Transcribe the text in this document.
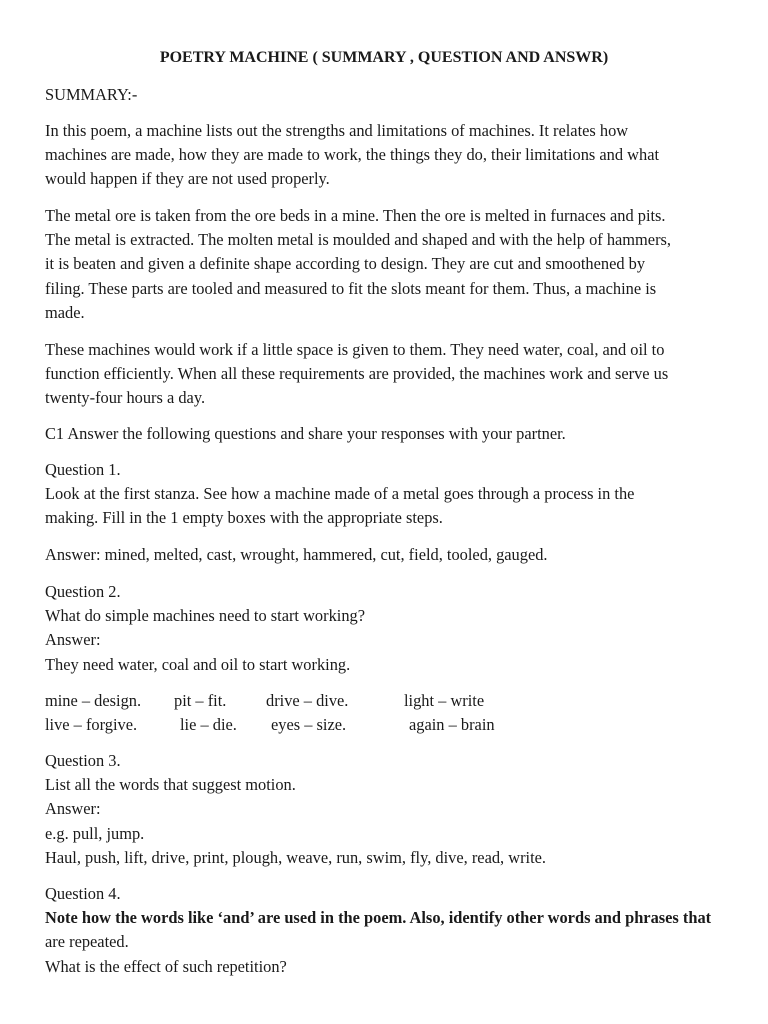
POETRY MACHINE ( SUMMARY , QUESTION AND ANSWR)
SUMMARY:-
In this poem, a machine lists out the strengths and limitations of machines. It relates how
machines are made, how they are made to work, the things they do, their limitations and what
would happen if they are not used properly.
The metal ore is taken from the ore beds in a mine. Then the ore is melted in furnaces and pits.
The metal is extracted. The molten metal is moulded and shaped and with the help of hammers,
it is beaten and given a definite shape according to design. They are cut and smoothened by
filing. These parts are tooled and measured to fit the slots meant for them. Thus, a machine is
made.
These machines would work if a little space is given to them. They need water, coal, and oil to
function efficiently. When all these requirements are provided, the machines work and serve us
twenty-four hours a day.
C1 Answer the following questions and share your responses with your partner.
Question 1.
Look at the first stanza. See how a machine made of a metal goes through a process in the
making. Fill in the 1 empty boxes with the appropriate steps.
Answer: mined, melted, cast, wrought, hammered, cut, field, tooled, gauged.
Question 2.
What do simple machines need to start working?
Answer:
They need water, coal and oil to start working.
mine – design. pit – fit. drive – dive.	light – write
live – forgive.	lie – die. eyes – size.	again – brain
Question 3.
List all the words that suggest motion.
Answer:
e.g. pull, jump.
Haul, push, lift, drive, print, plough, weave, run, swim, fly, dive, read, write.
Question 4.
Note how the words like ‘and’ are used in the poem. Also, identify other words and phrases that
are repeated.
What is the effect of such repetition?
